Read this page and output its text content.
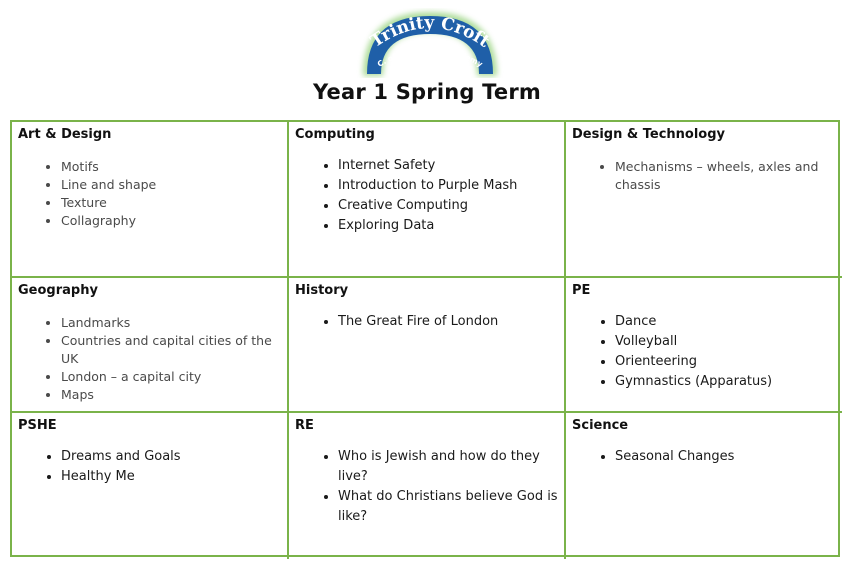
Trinity Croft
C. of E. Primary Academy
Year 1 Spring Term
Art & Design
• Motifs
• Line and shape
• Texture
• Collagraphy
Computing
• Internet Safety
• Introduction to Purple Mash
• Creative Computing
• Exploring Data
Design & Technology
• Mechanisms – wheels, axles and chassis
Geography
• Landmarks
• Countries and capital cities of the UK
• London – a capital city
• Maps
History
• The Great Fire of London
PE
• Dance
• Volleyball
• Orienteering
• Gymnastics (Apparatus)
PSHE
• Dreams and Goals
• Healthy Me
RE
• Who is Jewish and how do they live?
• What do Christians believe God is like?
Science
• Seasonal Changes
